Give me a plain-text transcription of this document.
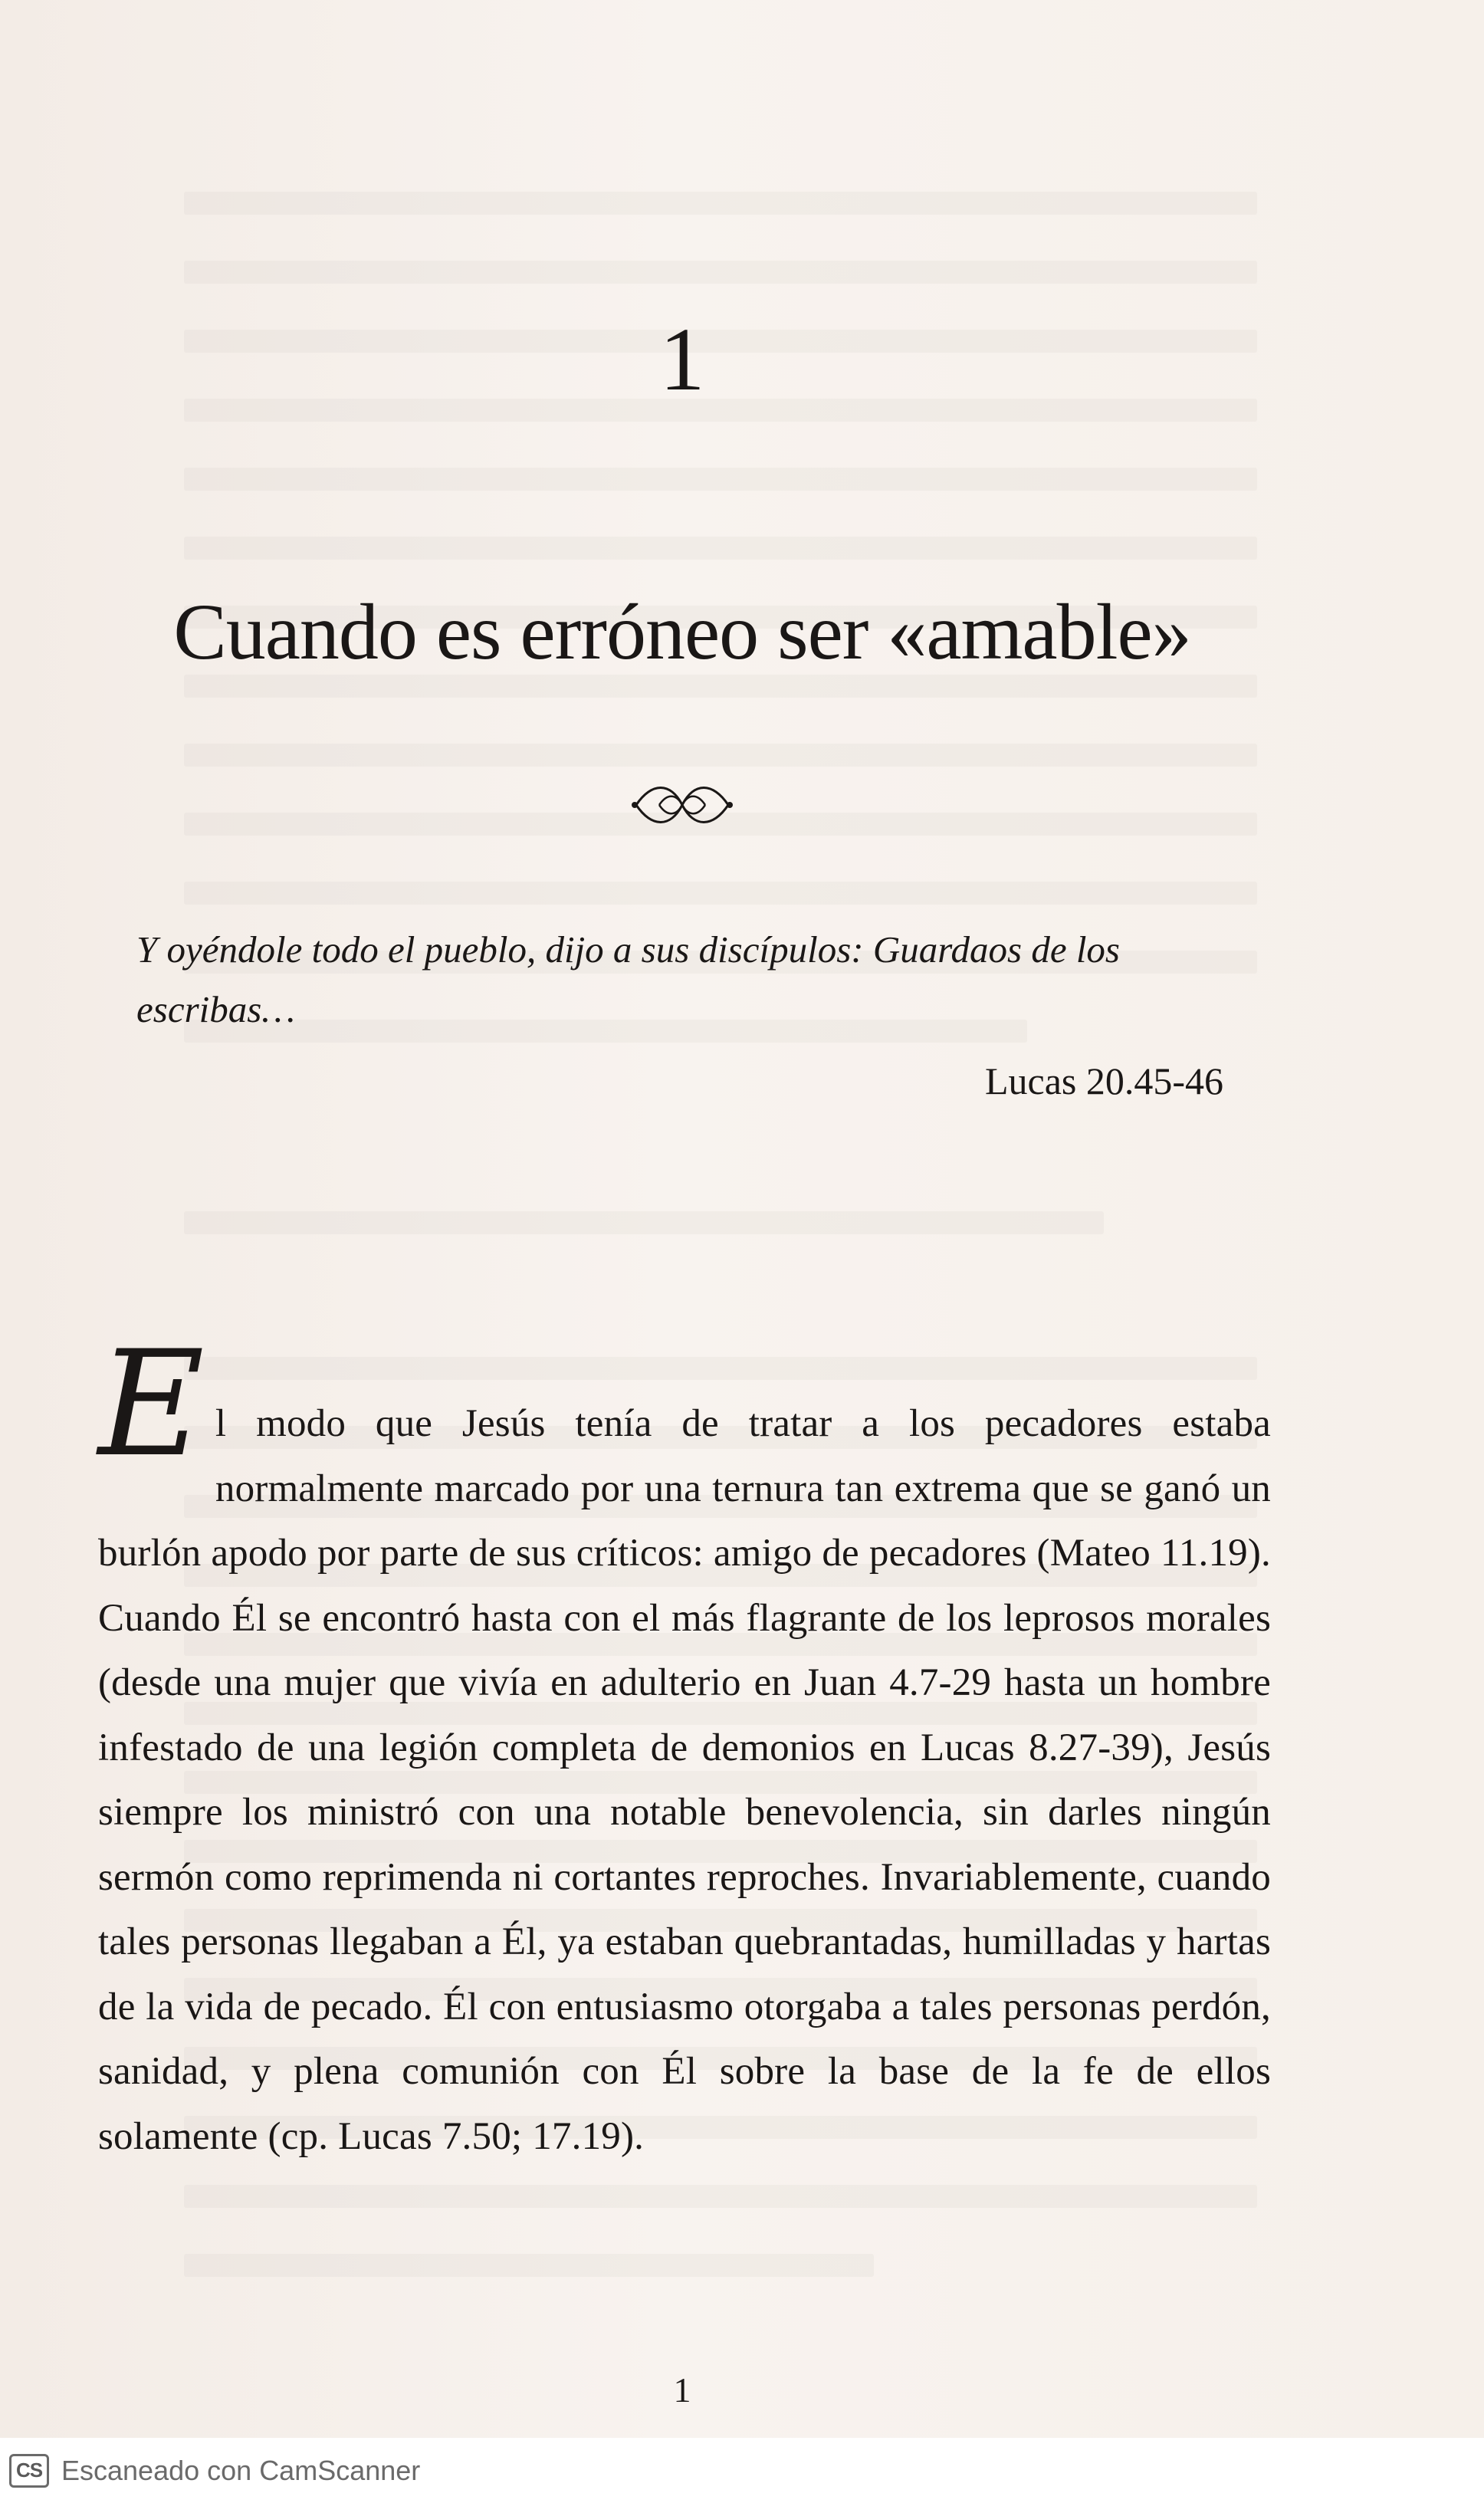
1
Cuando es erróneo ser «amable»

Y oyéndole todo el pueblo, dijo a sus discípulos: Guardaos de los escribas…

Lucas 20.45-46

El modo que Jesús tenía de tratar a los pecadores estaba normalmente marcado por una ternura tan extrema que se ganó un burlón apodo por parte de sus críticos: amigo de pecadores (Mateo 11.19). Cuando Él se encontró hasta con el más flagrante de los leprosos morales (desde una mujer que vivía en adulterio en Juan 4.7-29 hasta un hombre infestado de una legión completa de demonios en Lucas 8.27-39), Jesús siempre los ministró con una notable benevolencia, sin darles ningún sermón como reprimenda ni cortantes reproches. Invariablemente, cuando tales personas llegaban a Él, ya estaban quebrantadas, humilladas y hartas de la vida de pecado. Él con entusiasmo otorgaba a tales personas perdón, sanidad, y plena comunión con Él sobre la base de la fe de ellos solamente (cp. Lucas 7.50; 17.19).

1

CS Escaneado con CamScanner
